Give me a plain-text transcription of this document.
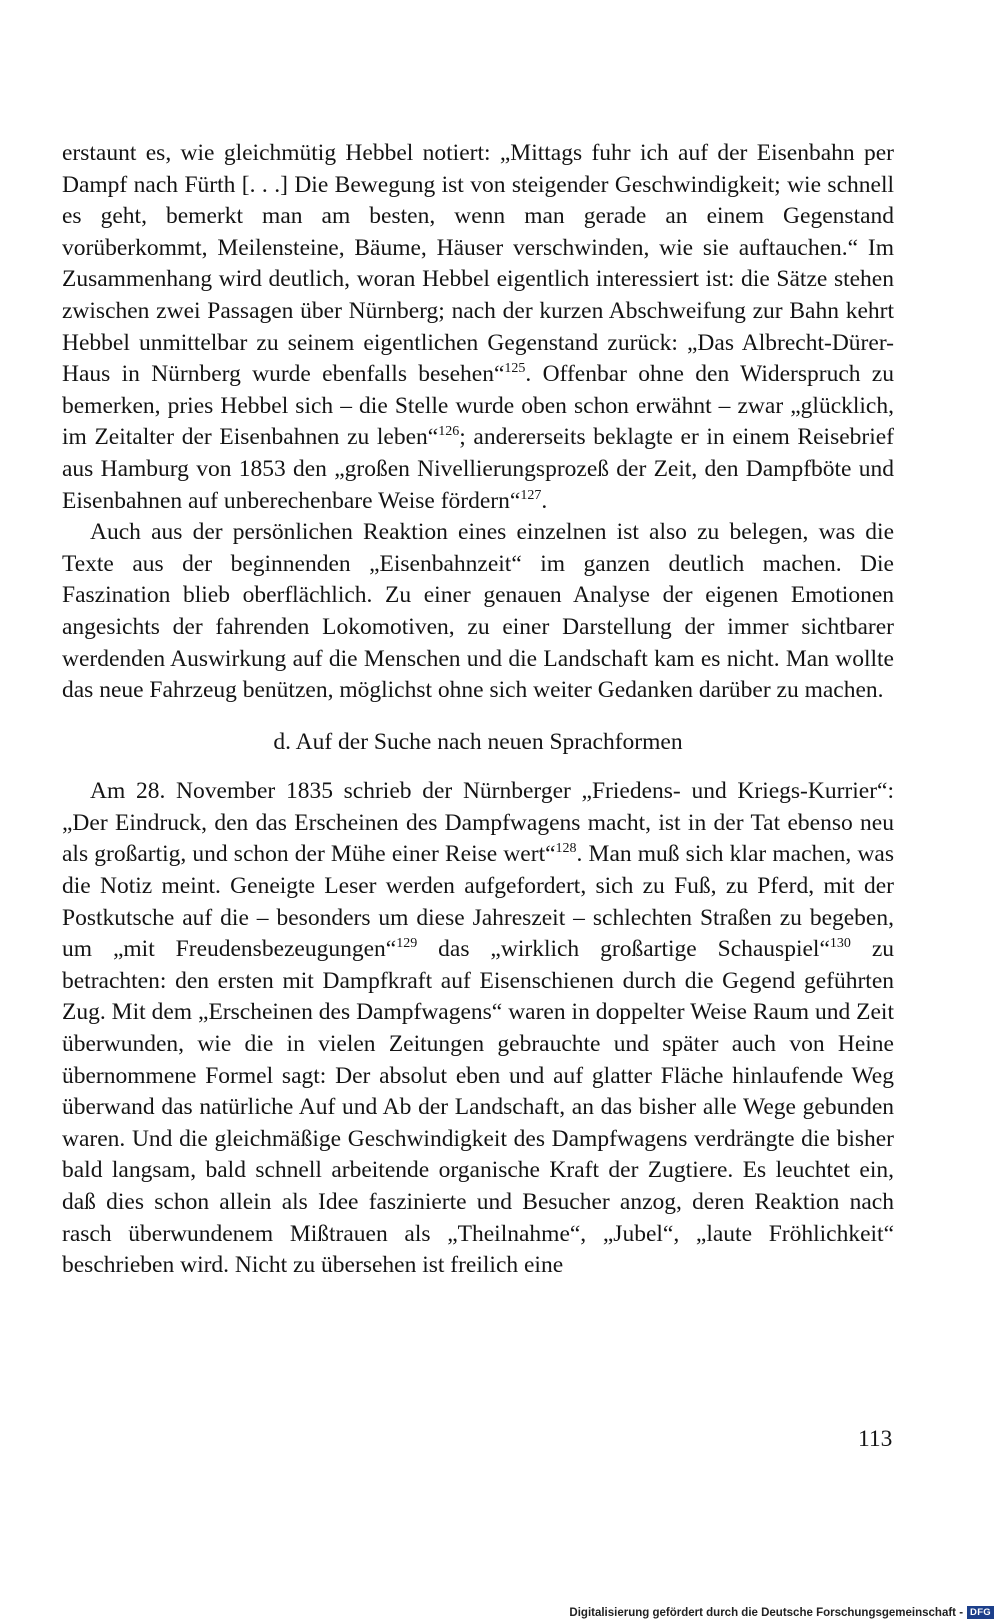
erstaunt es, wie gleichmütig Hebbel notiert: „Mittags fuhr ich auf der Eisenbahn per Dampf nach Fürth [. . .] Die Bewegung ist von steigender Geschwindigkeit; wie schnell es geht, bemerkt man am besten, wenn man gerade an einem Gegenstand vorüberkommt, Meilensteine, Bäume, Häuser verschwinden, wie sie auftauchen.“ Im Zusammenhang wird deutlich, woran Hebbel eigentlich interessiert ist: die Sätze stehen zwischen zwei Passagen über Nürnberg; nach der kurzen Abschweifung zur Bahn kehrt Hebbel unmittelbar zu seinem eigentlichen Gegenstand zurück: „Das Albrecht-Dürer-Haus in Nürnberg wurde ebenfalls besehen“$^{125}$. Offenbar ohne den Widerspruch zu bemerken, pries Hebbel sich – die Stelle wurde oben schon erwähnt – zwar „glücklich, im Zeitalter der Eisenbahnen zu leben“$^{126}$; andererseits beklagte er in einem Reisebrief aus Hamburg von 1853 den „großen Nivellierungsprozeß der Zeit, den Dampfböte und Eisenbahnen auf unberechenbare Weise fördern“$^{127}$.

Auch aus der persönlichen Reaktion eines einzelnen ist also zu belegen, was die Texte aus der beginnenden „Eisenbahnzeit“ im ganzen deutlich machen. Die Faszination blieb oberflächlich. Zu einer genauen Analyse der eigenen Emotionen angesichts der fahrenden Lokomotiven, zu einer Darstellung der immer sichtbarer werdenden Auswirkung auf die Menschen und die Landschaft kam es nicht. Man wollte das neue Fahrzeug benützen, möglichst ohne sich weiter Gedanken darüber zu machen.

d. Auf der Suche nach neuen Sprachformen

Am 28. November 1835 schrieb der Nürnberger „Friedens- und Kriegs-Kurrier“: „Der Eindruck, den das Erscheinen des Dampfwagens macht, ist in der Tat ebenso neu als großartig, und schon der Mühe einer Reise wert“$^{128}$. Man muß sich klar machen, was die Notiz meint. Geneigte Leser werden aufgefordert, sich zu Fuß, zu Pferd, mit der Postkutsche auf die – besonders um diese Jahreszeit – schlechten Straßen zu begeben, um „mit Freudensbezeugungen“$^{129}$ das „wirklich großartige Schauspiel“$^{130}$ zu betrachten: den ersten mit Dampfkraft auf Eisenschienen durch die Gegend geführten Zug. Mit dem „Erscheinen des Dampfwagens“ waren in doppelter Weise Raum und Zeit überwunden, wie die in vielen Zeitungen gebrauchte und später auch von Heine übernommene Formel sagt: Der absolut eben und auf glatter Fläche hinlaufende Weg überwand das natürliche Auf und Ab der Landschaft, an das bisher alle Wege gebunden waren. Und die gleichmäßige Geschwindigkeit des Dampfwagens verdrängte die bisher bald langsam, bald schnell arbeitende organische Kraft der Zugtiere. Es leuchtet ein, daß dies schon allein als Idee faszinierte und Besucher anzog, deren Reaktion nach rasch überwundenem Mißtrauen als „Theilnahme“, „Jubel“, „laute Fröhlichkeit“ beschrieben wird. Nicht zu übersehen ist freilich eine

113
Digitalisierung gefördert durch die Deutsche Forschungsgemeinschaft - DFG
